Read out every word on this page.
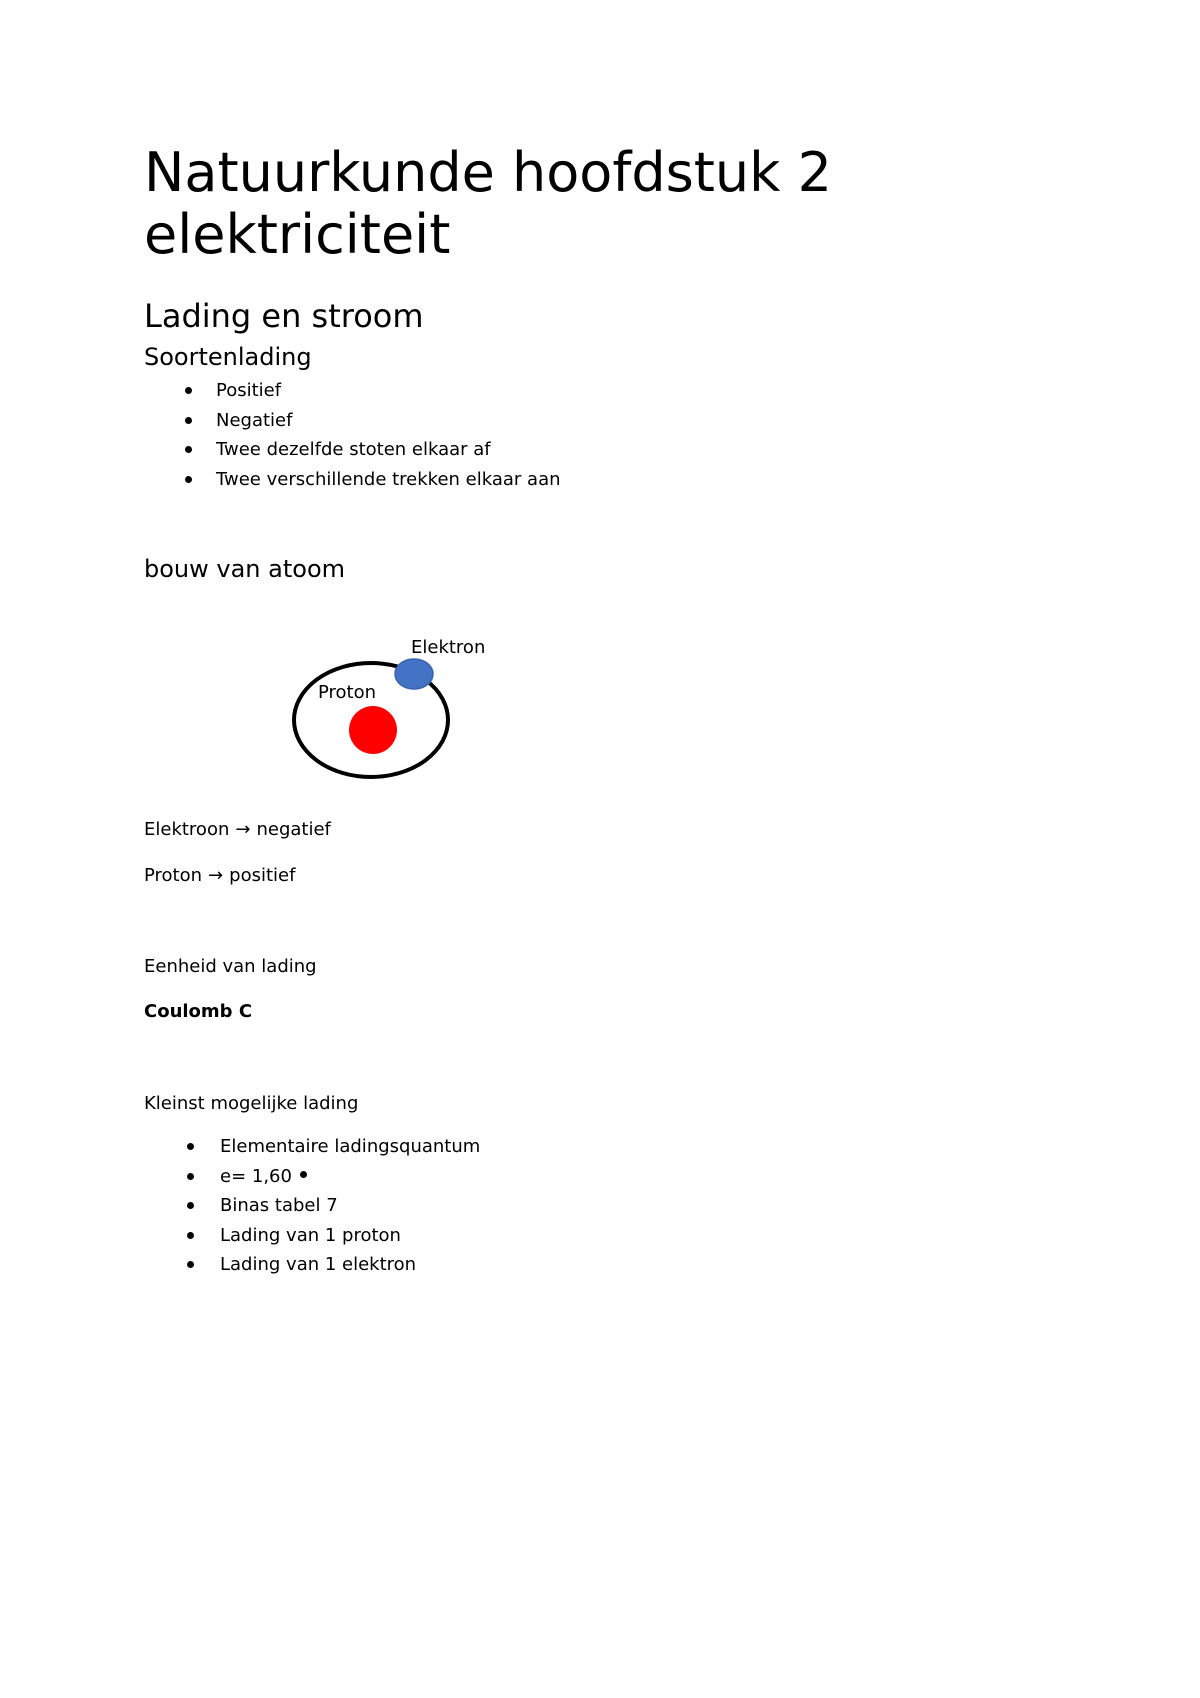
Natuurkunde hoofdstuk 2
elektriciteit
Lading en stroom
Soortenlading
Positief
Negatief
Twee dezelfde stoten elkaar af
Twee verschillende trekken elkaar aan
bouw van atoom
Elektron
Proton

Elektroon → negatief

Proton → positief

Eenheid van lading

Coulomb C

Kleinst mogelijke lading

Elementaire ladingsquantum
e= 1,60
Binas tabel 7
Lading van 1 proton
Lading van 1 elektron
